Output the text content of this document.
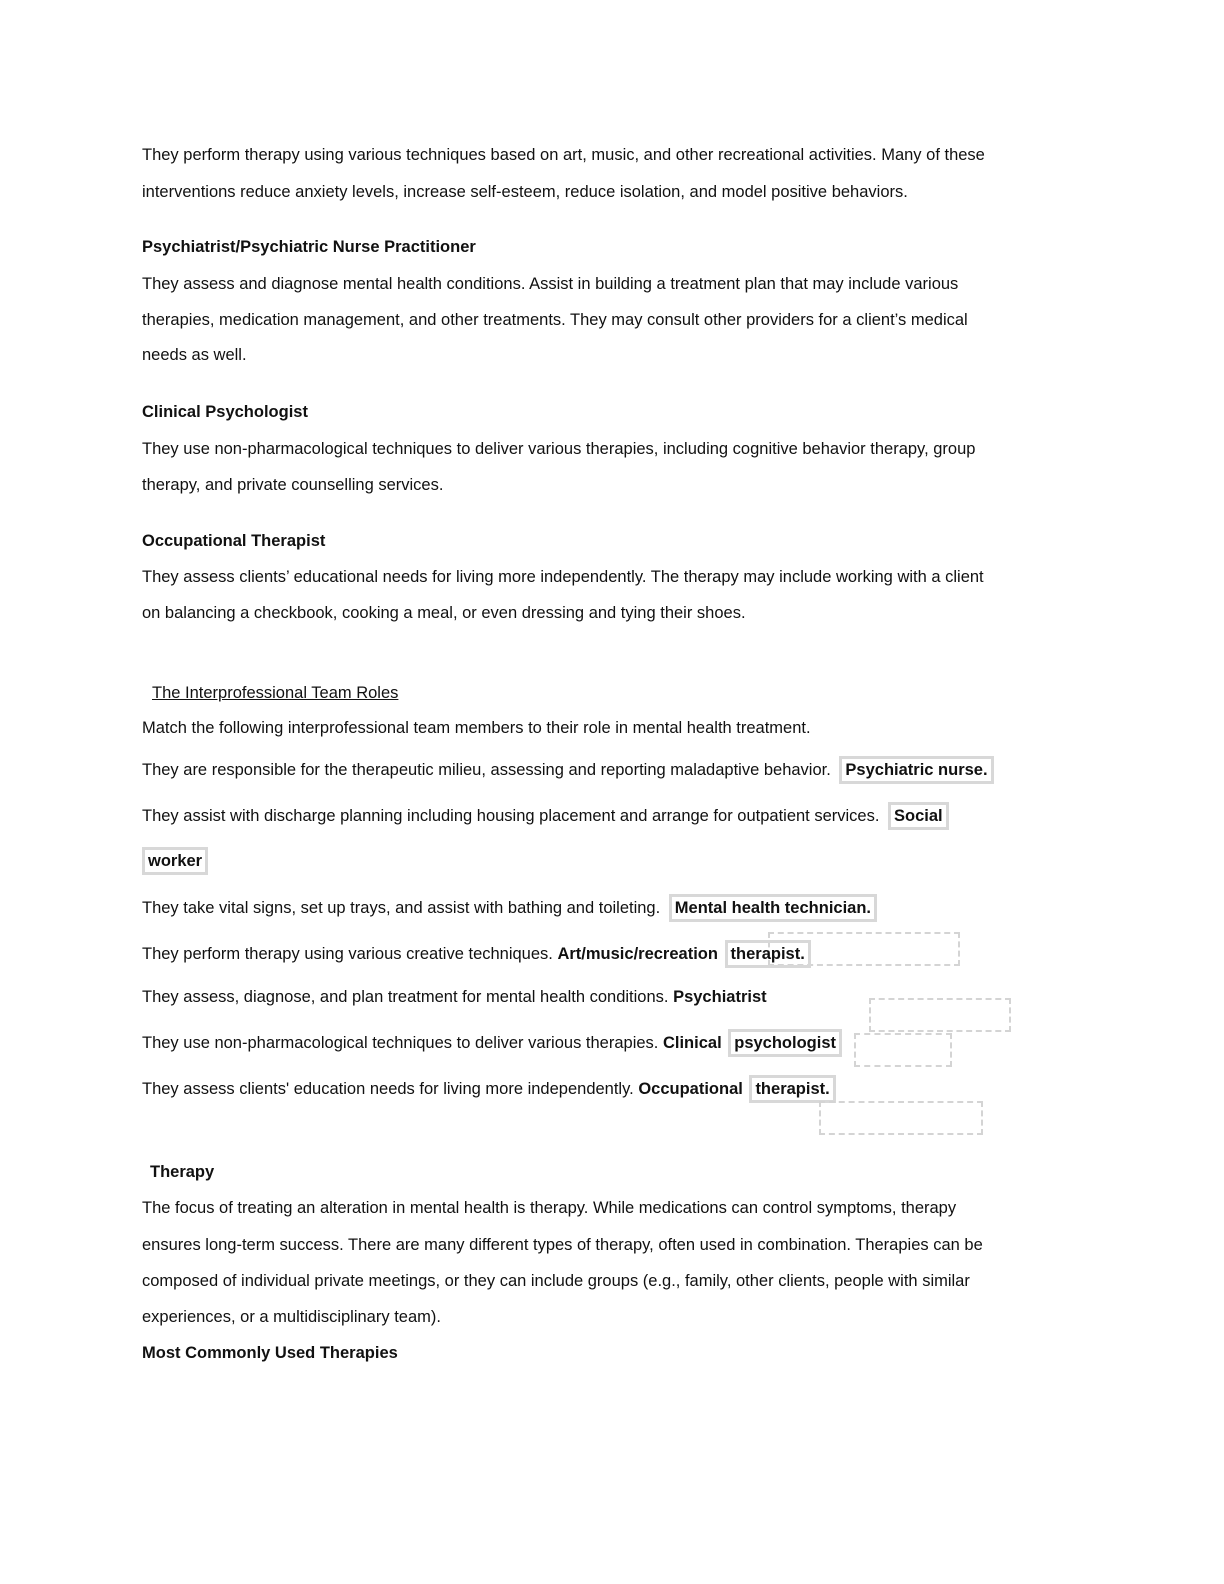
They perform therapy using various techniques based on art, music, and other recreational activities. Many of these
interventions reduce anxiety levels, increase self-esteem, reduce isolation, and model positive behaviors.
Psychiatrist/Psychiatric Nurse Practitioner
They assess and diagnose mental health conditions. Assist in building a treatment plan that may include various
therapies, medication management, and other treatments. They may consult other providers for a client’s medical
needs as well.
Clinical Psychologist
They use non-pharmacological techniques to deliver various therapies, including cognitive behavior therapy, group
therapy, and private counselling services.
Occupational Therapist
They assess clients’ educational needs for living more independently. The therapy may include working with a client
on balancing a checkbook, cooking a meal, or even dressing and tying their shoes.
The Interprofessional Team Roles
Match the following interprofessional team members to their role in mental health treatment.
They are responsible for the therapeutic milieu, assessing and reporting maladaptive behavior. Psychiatric nurse.
They assist with discharge planning including housing placement and arrange for outpatient services. Social
worker
They take vital signs, set up trays, and assist with bathing and toileting. Mental health technician.
They perform therapy using various creative techniques. Art/music/recreation therapist.
They assess, diagnose, and plan treatment for mental health conditions. Psychiatrist
They use non-pharmacological techniques to deliver various therapies. Clinical psychologist
They assess clients' education needs for living more independently. Occupational therapist.
Therapy
The focus of treating an alteration in mental health is therapy. While medications can control symptoms, therapy
ensures long-term success. There are many different types of therapy, often used in combination. Therapies can be
composed of individual private meetings, or they can include groups (e.g., family, other clients, people with similar
experiences, or a multidisciplinary team).
Most Commonly Used Therapies
